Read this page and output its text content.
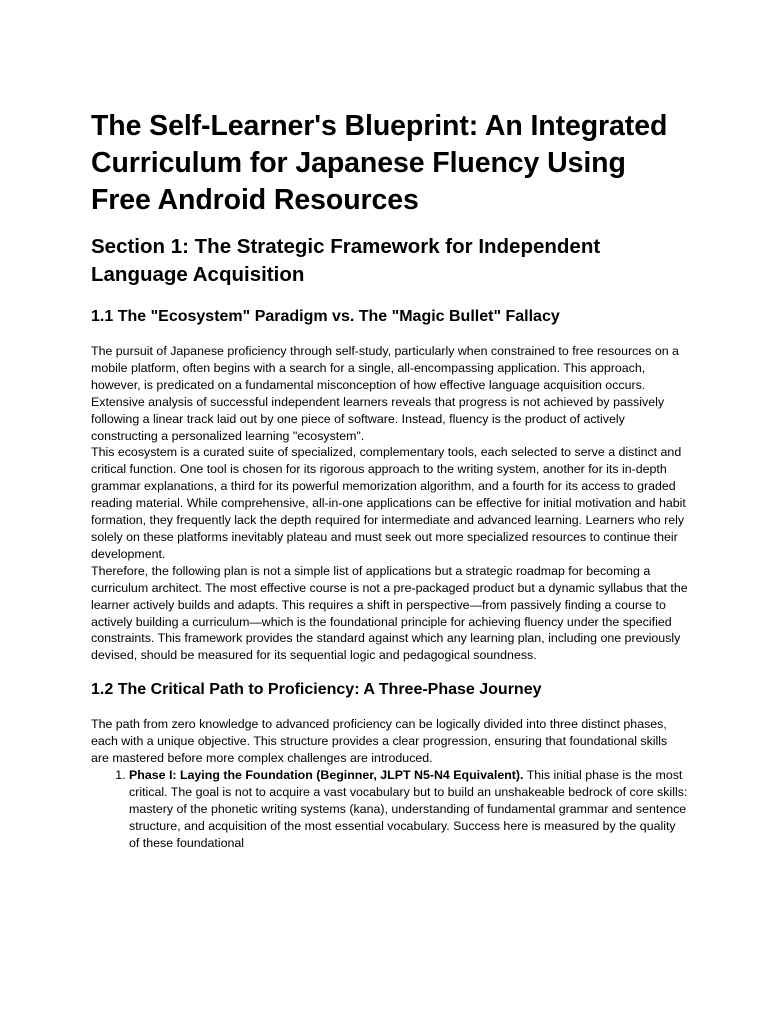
The Self-Learner's Blueprint: An Integrated Curriculum for Japanese Fluency Using Free Android Resources
Section 1: The Strategic Framework for Independent Language Acquisition
1.1 The "Ecosystem" Paradigm vs. The "Magic Bullet" Fallacy

The pursuit of Japanese proficiency through self-study, particularly when constrained to free resources on a mobile platform, often begins with a search for a single, all-encompassing application. This approach, however, is predicated on a fundamental misconception of how effective language acquisition occurs. Extensive analysis of successful independent learners reveals that progress is not achieved by passively following a linear track laid out by one piece of software. Instead, fluency is the product of actively constructing a personalized learning "ecosystem".

This ecosystem is a curated suite of specialized, complementary tools, each selected to serve a distinct and critical function. One tool is chosen for its rigorous approach to the writing system, another for its in-depth grammar explanations, a third for its powerful memorization algorithm, and a fourth for its access to graded reading material. While comprehensive, all-in-one applications can be effective for initial motivation and habit formation, they frequently lack the depth required for intermediate and advanced learning. Learners who rely solely on these platforms inevitably plateau and must seek out more specialized resources to continue their development.

Therefore, the following plan is not a simple list of applications but a strategic roadmap for becoming a curriculum architect. The most effective course is not a pre-packaged product but a dynamic syllabus that the learner actively builds and adapts. This requires a shift in perspective—from passively finding a course to actively building a curriculum—which is the foundational principle for achieving fluency under the specified constraints. This framework provides the standard against which any learning plan, including one previously devised, should be measured for its sequential logic and pedagogical soundness.

1.2 The Critical Path to Proficiency: A Three-Phase Journey

The path from zero knowledge to advanced proficiency can be logically divided into three distinct phases, each with a unique objective. This structure provides a clear progression, ensuring that foundational skills are mastered before more complex challenges are introduced.

1. Phase I: Laying the Foundation (Beginner, JLPT N5-N4 Equivalent). This initial phase is the most critical. The goal is not to acquire a vast vocabulary but to build an unshakeable bedrock of core skills: mastery of the phonetic writing systems (kana), understanding of fundamental grammar and sentence structure, and acquisition of the most essential vocabulary. Success here is measured by the quality of these foundational
